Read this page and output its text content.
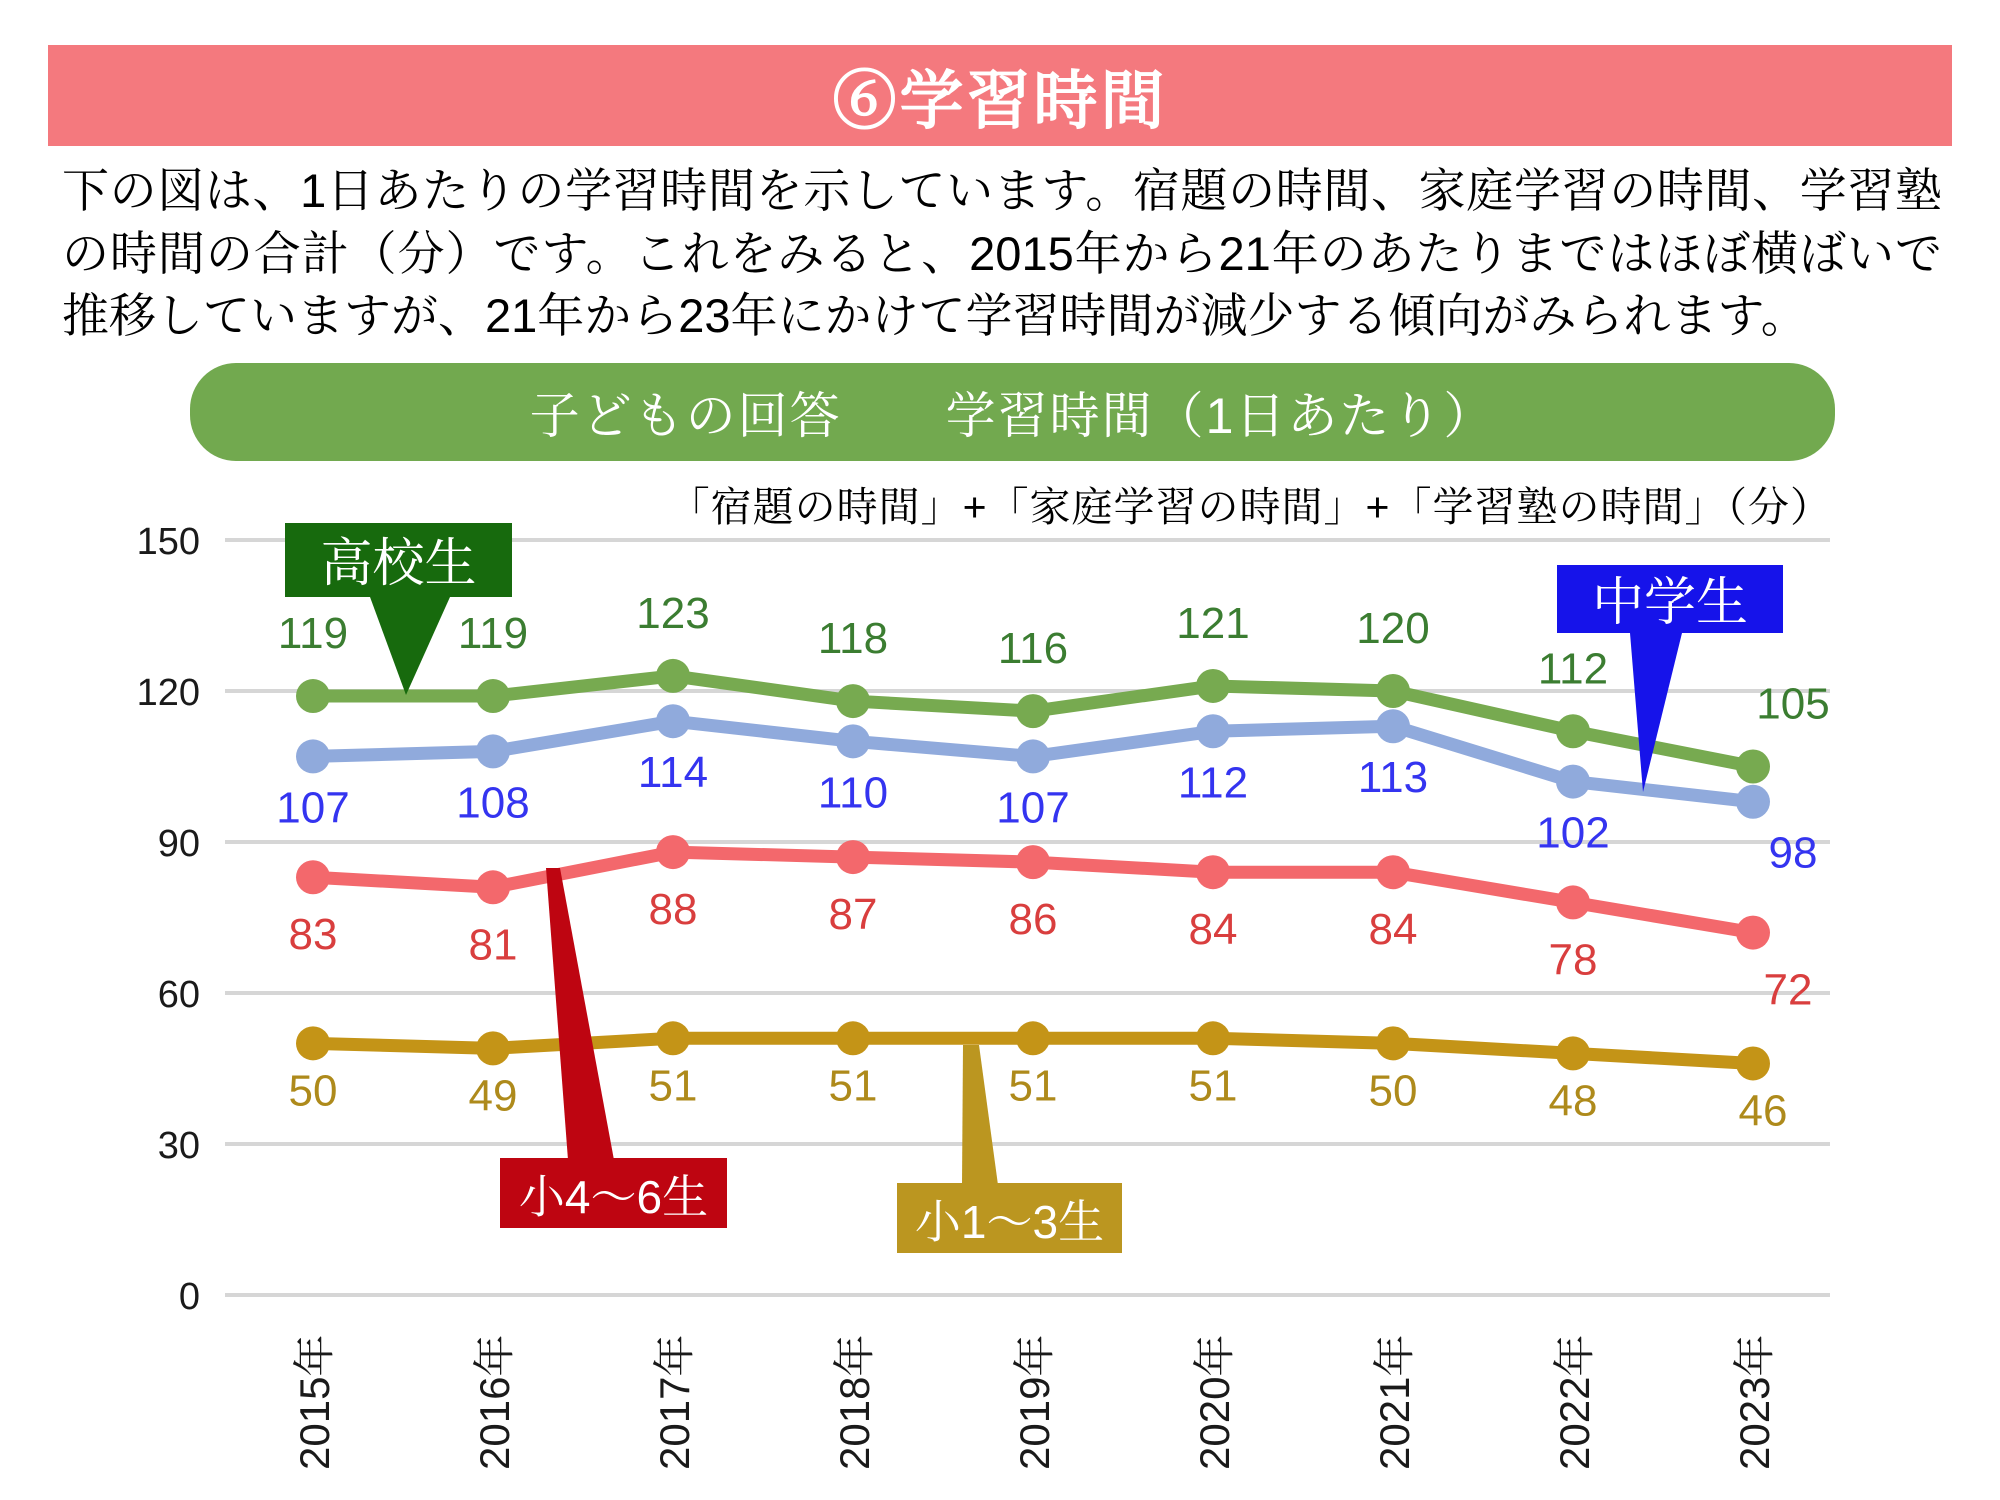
⑥学習時間
下の図は、1日あたりの学習時間を示しています。宿題の時間、家庭学習の時間、学習塾の時間の合計（分）です。これをみると、2015年から21年のあたりまではほぼ横ばいで推移していますが、21年から23年にかけて学習時間が減少する傾向がみられます。
子どもの回答　　学習時間（1日あたり）
「宿題の時間」+「家庭学習の時間」+「学習塾の時間」（分）
0
30
60
90
120
150
2015年	2016年	2017年	2018年	2019年	2020年	2021年	2022年	2023年
119 119 123
118 116
121 120
112
105
107 108
114 110 107
112 113
102	98
83	81
88	87	86	84	84
78
72
50	49	51	51	51	51	50	48	46
高校生
中学生
小4〜6生	小1〜3生
